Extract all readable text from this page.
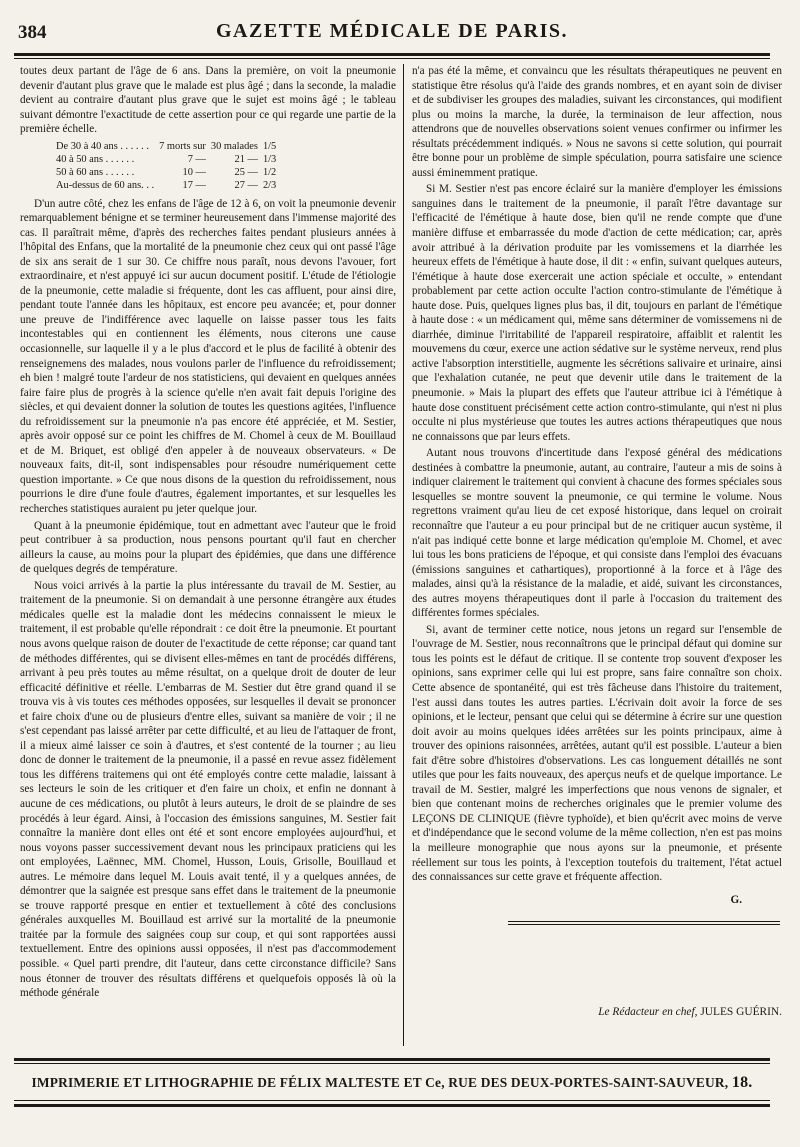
384	GAZETTE MÉDICALE DE PARIS.

toutes deux partant de l'âge de 6 ans. Dans la première, on voit la pneumonie devenir d'autant plus grave que le malade est plus âgé ; dans la seconde, la maladie devient au contraire d'autant plus grave que le sujet est moins âgé ; le tableau suivant démontre l'exactitude de cette assertion pour ce qui regarde une partie de la première échelle.

De 30 à 40 ans . . . . . .	7 morts sur	30 malades	1/5
40 à 50 ans . . . . . .	7 —	21 —	1/3
50 à 60 ans . . . . . .	10 —	25 —	1/2
Au-dessus de 60 ans. . .	17 —	27 —	2/3

D'un autre côté, chez les enfans de l'âge de 12 à 6, on voit la pneumonie devenir remarquablement bénigne et se terminer heureusement dans l'immense majorité des cas. Il paraîtrait même, d'après des recherches faites pendant plusieurs années à l'hôpital des Enfans, que la mortalité de la pneumonie chez ceux qui ont passé l'âge de six ans serait de 1 sur 30. Ce chiffre nous paraît, nous devons l'avouer, fort extraordinaire, et n'est appuyé ici sur aucun document positif. L'étude de l'étiologie de la pneumonie, cette maladie si fréquente, dont les cas affluent, pour ainsi dire, pendant toute l'année dans les hôpitaux, est encore peu avancée; et, pour donner une preuve de l'indifférence avec laquelle on laisse passer tous les faits incontestables qui en contiennent les éléments, nous citerons une cause occasionnelle, sur laquelle il y a le plus d'accord et le plus de facilité à obtenir des renseignemens des malades, nous voulons parler de l'influence du refroidissement; eh bien ! malgré toute l'ardeur de nos statisticiens, qui devaient en quelques années faire faire plus de progrès à la science qu'elle n'en avait fait depuis l'origine des siècles, et qui devaient donner la solution de toutes les questions agitées, l'influence du refroidissement sur la pneumonie n'a pas encore été appréciée, et M. Sestier, après avoir opposé sur ce point les chiffres de M. Chomel à ceux de M. Bouillaud et de M. Briquet, est obligé d'en appeler à de nouveaux observateurs. « De nouveaux faits, dit-il, sont indispensables pour résoudre numériquement cette question importante. » Ce que nous disons de la question du refroidissement, nous pourrions le dire d'une foule d'autres, également importantes, et sur lesquelles les recherches statistiques auraient pu jeter quelque jour.

Quant à la pneumonie épidémique, tout en admettant avec l'auteur que le froid peut contribuer à sa production, nous pensons pourtant qu'il faut en chercher ailleurs la cause, au moins pour la plupart des épidémies, que dans une différence de quelques degrés de température.

Nous voici arrivés à la partie la plus intéressante du travail de M. Sestier, au traitement de la pneumonie. Si on demandait à une personne étrangère aux études médicales quelle est la maladie dont les médecins connaissent le mieux le traitement, il est probable qu'elle répondrait : ce doit être la pneumonie. Et pourtant nous avons quelque raison de douter de l'exactitude de cette réponse; car quand tant de méthodes différentes, qui se divisent elles-mêmes en tant de procédés différens, arrivant à peu près toutes au même résultat, on a quelque droit de douter de leur efficacité définitive et réelle. L'embarras de M. Sestier dut être grand quand il se trouva vis à vis toutes ces méthodes opposées, sur lesquelles il devait se prononcer et faire choix d'une ou de plusieurs d'entre elles, suivant sa manière de voir ; il ne s'est cependant pas laissé arrêter par cette difficulté, et au lieu de l'attaquer de front, il a mieux aimé laisser ce soin à d'autres, et s'est contenté de la tourner ; au lieu donc de donner le traitement de la pneumonie, il a passé en revue assez fidèlement tous les différens traitemens qui ont été employés contre cette maladie, laissant à ses lecteurs le soin de les critiquer et d'en faire un choix, et enfin ne donnant à aucune de ces médications, ou plutôt à leurs auteurs, le droit de se plaindre de ses procédés à leur égard. Ainsi, à l'occasion des émissions sanguines, M. Sestier fait connaître la manière dont elles ont été et sont encore employées aujourd'hui, et nous voyons passer successivement devant nous les principaux praticiens qui les ont employées, Laënnec, MM. Chomel, Husson, Louis, Grisolle, Bouillaud et autres. Le mémoire dans lequel M. Louis avait tenté, il y a quelques années, de démontrer que la saignée est presque sans effet dans le traitement de la pneumonie se trouve rapporté presque en entier et textuellement à côté des conclusions générales auxquelles M. Bouillaud est arrivé sur la mortalité de la pneumonie traitée par la formule des saignées coup sur coup, et qui sont rapportées aussi textuellement. Entre des opinions aussi opposées, il n'est pas d'accommodement possible. « Quel parti prendre, dit l'auteur, dans cette circonstance difficile? Sans nous étonner de trouver des résultats différens et quelquefois opposés là où la méthode générale

n'a pas été la même, et convaincu que les résultats thérapeutiques ne peuvent en statistique être résolus qu'à l'aide des grands nombres, et en ayant soin de diviser et de subdiviser les groupes des maladies, suivant les circonstances, qui modifient plus ou moins la marche, la durée, la terminaison de leur affection, nous attendrons que de nouvelles observations soient venues confirmer ou infirmer les résultats précédemment indiqués. » Nous ne savons si cette solution, qui pourrait être bonne pour un problème de simple spéculation, pourra satisfaire une science aussi éminemment pratique.

Si M. Sestier n'est pas encore éclairé sur la manière d'employer les émissions sanguines dans le traitement de la pneumonie, il paraît l'être davantage sur l'efficacité de l'émétique à haute dose, bien qu'il ne rende compte que d'une manière diffuse et embarrassée du mode d'action de cette médication; car, après avoir attribué à la dérivation produite par les vomissemens et la diarrhée les heureux effets de l'émétique à haute dose, il dit : « enfin, suivant quelques auteurs, l'émétique à haute dose exercerait une action spéciale et occulte, » entendant probablement par cette action occulte l'action contro-stimulante de l'émétique à haute dose. Puis, quelques lignes plus bas, il dit, toujours en parlant de l'émétique à haute dose : « un médicament qui, même sans déterminer de vomissemens ni de diarrhée, diminue l'irritabilité de l'appareil respiratoire, affaiblit et ralentit les mouvemens du cœur, exerce une action sédative sur le système nerveux, rend plus active l'absorption interstitielle, augmente les sécrétions salivaire et urinaire, ainsi que l'exhalation cutanée, ne peut que devenir utile dans le traitement de la pneumonie. » Mais la plupart des effets que l'auteur attribue ici à l'émétique à haute dose constituent précisément cette action contro-stimulante, qui n'est ni plus occulte ni plus mystérieuse que toutes les autres actions thérapeutiques que nous ne connaissons que par leurs effets.

Autant nous trouvons d'incertitude dans l'exposé général des médications destinées à combattre la pneumonie, autant, au contraire, l'auteur a mis de soins à indiquer clairement le traitement qui convient à chacune des formes spéciales sous lesquelles se montre souvent la pneumonie, ce qui termine le volume. Nous regrettons vraiment qu'au lieu de cet exposé historique, dans lequel on croirait reconnaître que l'auteur a eu pour principal but de ne critiquer aucun système, il n'ait pas indiqué cette bonne et large médication qu'emploie M. Chomel, et avec lui tous les bons praticiens de l'époque, et qui consiste dans l'emploi des évacuans (émissions sanguines et cathartiques), proportionné à la force et à l'âge des malades, ainsi qu'à la résistance de la maladie, et aidé, suivant les circonstances, des autres moyens thérapeutiques dont il parle à l'occasion du traitement des différentes formes spéciales.

Si, avant de terminer cette notice, nous jetons un regard sur l'ensemble de l'ouvrage de M. Sestier, nous reconnaîtrons que le principal défaut qui domine sur tous les points est le défaut de critique. Il se contente trop souvent d'exposer les opinions, sans exprimer celle qui lui est propre, sans faire connaître son choix. Cette absence de spontanéité, qui est très fâcheuse dans l'histoire du traitement, l'est aussi dans toutes les autres parties. L'écrivain doit avoir la force de ses opinions, et le lecteur, pensant que celui qui se détermine à écrire sur une question doit avoir au moins quelques idées arrêtées sur les points principaux, aime à trouver des opinions raisonnées, arrêtées, autant qu'il est possible. L'auteur a bien fait d'être sobre d'histoires d'observations. Les cas longuement détaillés ne sont utiles que pour les faits nouveaux, des aperçus neufs et de quelque importance. Le travail de M. Sestier, malgré les imperfections que nous venons de signaler, et bien que contenant moins de recherches originales que le premier volume des LEÇONS DE CLINIQUE (fièvre typhoïde), et bien qu'écrit avec moins de verve et d'indépendance que le second volume de la même collection, n'en est pas moins la meilleure monographie que nous ayons sur la pneumonie, et présente réellement sur tous les points, à l'exception toutefois du traitement, l'état actuel des connaissances sur cette grave et fréquente affection.

G.
Le Rédacteur en chef, JULES GUÉRIN.
IMPRIMERIE ET LITHOGRAPHIE DE FÉLIX MALTESTE ET Ce, RUE DES DEUX-PORTES-SAINT-SAUVEUR, 18.
